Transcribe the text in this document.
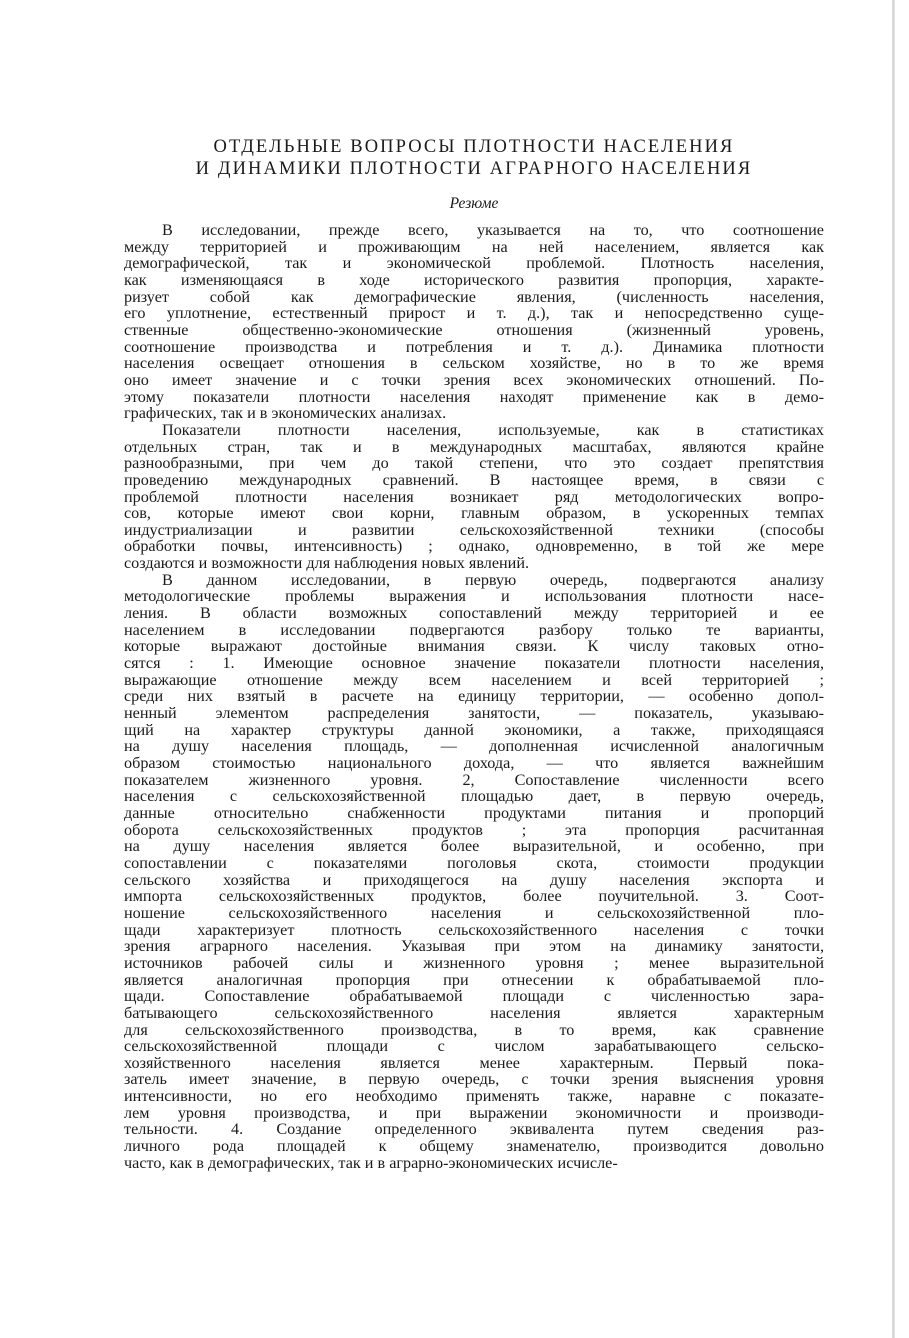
ОТДЕЛЬНЫЕ ВОПРОСЫ ПЛОТНОСТИ НАСЕЛЕНИЯ
И ДИНАМИКИ ПЛОТНОСТИ АГРАРНОГО НАСЕЛЕНИЯ
Резюме

В исследовании, прежде всего, указывается на то, что соотношение
между территорией и проживающим на ней населением, является как
демографической, так и экономической проблемой. Плотность населения,
как изменяющаяся в ходе исторического развития пропорция, характе-
ризует собой как демографические явления, (численность населения,
его уплотнение, естественный прирост и т. д.), так и непосредственно суще-
ственные общественно-экономические отношения (жизненный уровень,
соотношение производства и потребления и т. д.). Динамика плотности
населения освещает отношения в сельском хозяйстве, но в то же время
оно имеет значение и с точки зрения всех экономических отношений. По-
этому показатели плотности населения находят применение как в демо-
графических, так и в экономических анализах.

Показатели плотности населения, используемые, как в статистиках
отдельных стран, так и в международных масштабах, являются крайне
разнообразными, при чем до такой степени, что это создает препятствия
проведению международных сравнений. В настоящее время, в связи с
проблемой плотности населения возникает ряд методологических вопро-
сов, которые имеют свои корни, главным образом, в ускоренных темпах
индустриализации и развитии сельскохозяйственной техники (способы
обработки почвы, интенсивность) ; однако, одновременно, в той же мере
создаются и возможности для наблюдения новых явлений.

В данном исследовании, в первую очередь, подвергаются анализу
методологические проблемы выражения и использования плотности насе-
ления. В области возможных сопоставлений между территорией и ее
населением в исследовании подвергаются разбору только те варианты,
которые выражают достойные внимания связи. К числу таковых отно-
сятся : 1. Имеющие основное значение показатели плотности населения,
выражающие отношение между всем населением и всей территорией ;
среди них взятый в расчете на единицу территории, — особенно допол-
ненный элементом распределения занятости, — показатель, указываю-
щий на характер структуры данной экономики, а также, приходящаяся
на душу населения площадь, — дополненная исчисленной аналогичным
образом стоимостью национального дохода, — что является важнейшим
показателем жизненного уровня. 2, Сопоставление численности всего
населения с сельскохозяйственной площадью дает, в первую очередь,
данные относительно снабженности продуктами питания и пропорций
оборота сельскохозяйственных продуктов ; эта пропорция расчитанная
на душу населения является более выразительной, и особенно, при
сопоставлении с показателями поголовья скота, стоимости продукции
сельского хозяйства и приходящегося на душу населения экспорта и
импорта сельскохозяйственных продуктов, более поучительной. 3. Соот-
ношение сельскохозяйственного населения и сельскохозяйственной пло-
щади характеризует плотность сельскохозяйственного населения с точки
зрения аграрного населения. Указывая при этом на динамику занятости,
источников рабочей силы и жизненного уровня ; менее выразительной
является аналогичная пропорция при отнесении к обрабатываемой пло-
щади. Сопоставление обрабатываемой площади с численностью зара-
батывающего сельскохозяйственного населения является характерным
для сельскохозяйственного производства, в то время, как сравнение
сельскохозяйственной площади с числом зарабатывающего сельско-
хозяйственного населения является менее характерным. Первый пока-
затель имеет значение, в первую очередь, с точки зрения выяснения уровня
интенсивности, но его необходимо применять также, наравне с показате-
лем уровня производства, и при выражении экономичности и производи-
тельности. 4. Создание определенного эквивалента путем сведения раз-
личного рода площадей к общему знаменателю, производится довольно
часто, как в демографических, так и в аграрно-экономических исчисле-
